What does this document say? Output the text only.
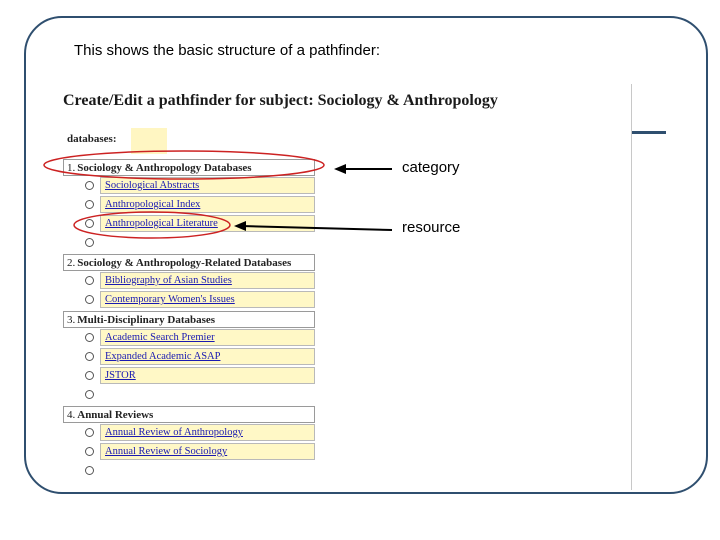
This shows the basic structure of a pathfinder:
Create/Edit a pathfinder for subject: Sociology & Anthropology
databases:
1. Sociology & Anthropology Databases
Sociological Abstracts
Anthropological Index
Anthropological Literature
2. Sociology & Anthropology-Related Databases
Bibliography of Asian Studies
Contemporary Women's Issues
3. Multi-Disciplinary Databases
Academic Search Premier
Expanded Academic ASAP
JSTOR
4. Annual Reviews
Annual Review of Anthropology
Annual Review of Sociology
category
resource
